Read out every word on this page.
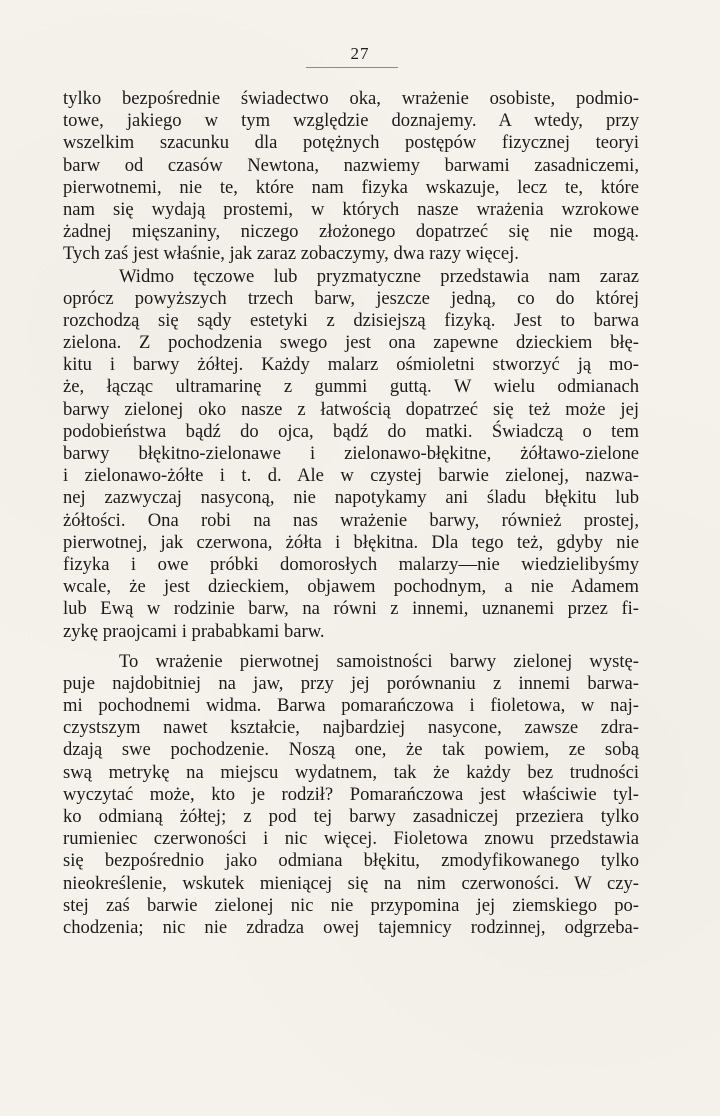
27
tylko bezpośrednie świadectwo oka, wrażenie osobiste, podmio-
towe, jakiego w tym względzie doznajemy. A wtedy, przy
wszelkim szacunku dla potężnych postępów fizycznej teoryi
barw od czasów Newtona, nazwiemy barwami zasadniczemi,
pierwotnemi, nie te, które nam fizyka wskazuje, lecz te, które
nam się wydają prostemi, w których nasze wrażenia wzrokowe
żadnej mięszaniny, niczego złożonego dopatrzeć się nie mogą.
Tych zaś jest właśnie, jak zaraz zobaczymy, dwa razy więcej.
Widmo tęczowe lub pryzmatyczne przedstawia nam zaraz
oprócz powyższych trzech barw, jeszcze jedną, co do której
rozchodzą się sądy estetyki z dzisiejszą fizyką. Jest to barwa
zielona. Z pochodzenia swego jest ona zapewne dzieckiem błę-
kitu i barwy żółtej. Każdy malarz ośmioletni stworzyć ją mo-
że, łącząc ultramarinę z gummi guttą. W wielu odmianach
barwy zielonej oko nasze z łatwością dopatrzeć się też może jej
podobieństwa bądź do ojca, bądź do matki. Świadczą o tem
barwy błękitno-zielonawe i zielonawo-błękitne, żółtawo-zielone
i zielonawo-żółte i t. d. Ale w czystej barwie zielonej, nazwa-
nej zazwyczaj nasyconą, nie napotykamy ani śladu błękitu lub
żółtości. Ona robi na nas wrażenie barwy, również prostej,
pierwotnej, jak czerwona, żółta i błękitna. Dla tego też, gdyby nie
fizyka i owe próbki domorosłych malarzy—nie wiedzielibyśmy
wcale, że jest dzieckiem, objawem pochodnym, a nie Adamem
lub Ewą w rodzinie barw, na równi z innemi, uznanemi przez fi-
zykę praojcami i prababkami barw.
To wrażenie pierwotnej samoistności barwy zielonej wystę-
puje najdobitniej na jaw, przy jej porównaniu z innemi barwa-
mi pochodnemi widma. Barwa pomarańczowa i fioletowa, w naj-
czystszym nawet kształcie, najbardziej nasycone, zawsze zdra-
dzają swe pochodzenie. Noszą one, że tak powiem, ze sobą
swą metrykę na miejscu wydatnem, tak że każdy bez trudności
wyczytać może, kto je rodził? Pomarańczowa jest właściwie tyl-
ko odmianą żółtej; z pod tej barwy zasadniczej przeziera tylko
rumieniec czerwoności i nic więcej. Fioletowa znowu przedstawia
się bezpośrednio jako odmiana błękitu, zmodyfikowanego tylko
nieokreślenie, wskutek mieniącej się na nim czerwoności. W czy-
stej zaś barwie zielonej nic nie przypomina jej ziemskiego po-
chodzenia; nic nie zdradza owej tajemnicy rodzinnej, odgrzeba-
